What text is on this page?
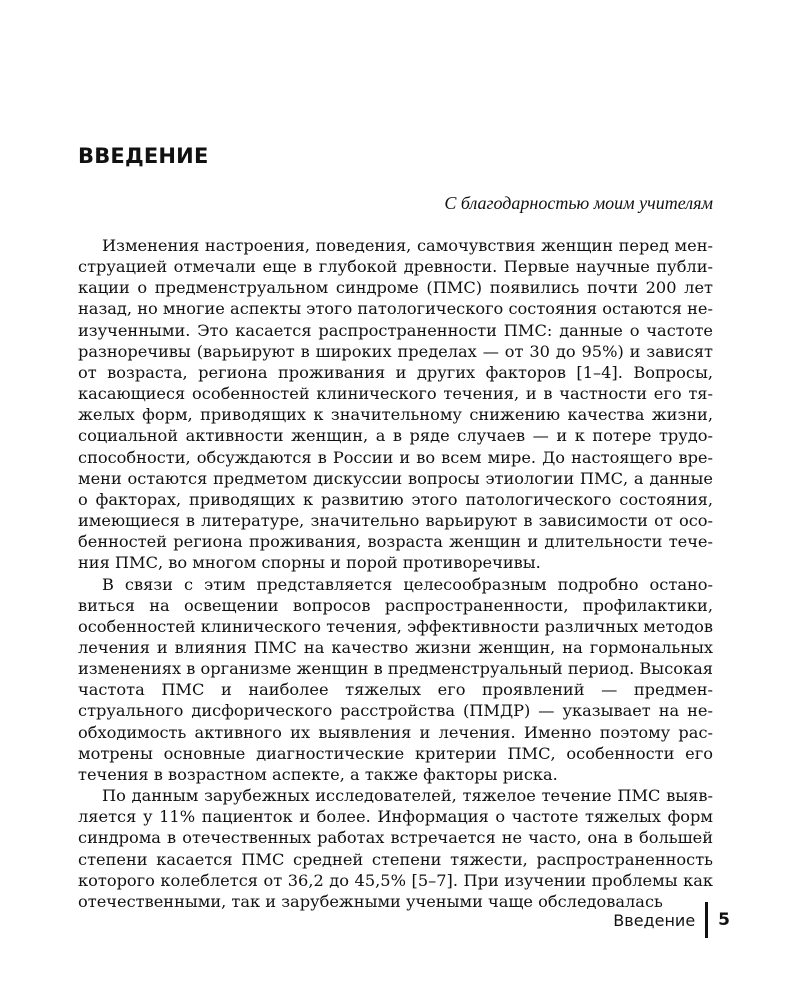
ВВЕДЕНИЕ
С благодарностью моим учителям

Изменения настроения, поведения, самочувствия женщин перед менструацией отмечали еще в глубокой древности. Первые научные публикации о предменструальном синдроме (ПМС) появились почти 200 лет назад, но многие аспекты этого патологического состояния остаются неизученными. Это касается распространенности ПМС: данные о частоте разноречивы (варьируют в широких пределах — от 30 до 95%) и зависят от возраста, региона проживания и других факторов [1–4]. Вопросы, касающиеся особенностей клинического течения, и в частности его тяжелых форм, приводящих к значительному снижению качества жизни, социальной активности женщин, а в ряде случаев — и к потере трудоспособности, обсуждаются в России и во всем мире. До настоящего времени остаются предметом дискуссии вопросы этиологии ПМС, а данные о факторах, приводящих к развитию этого патологического состояния, имеющиеся в литературе, значительно варьируют в зависимости от особенностей региона проживания, возраста женщин и длительности течения ПМС, во многом спорны и порой противоречивы.

В связи с этим представляется целесообразным подробно остановиться на освещении вопросов распространенности, профилактики, особенностей клинического течения, эффективности различных методов лечения и влияния ПМС на качество жизни женщин, на гормональных изменениях в организме женщин в предменструальный период. Высокая частота ПМС и наиболее тяжелых его проявлений — предменструального дисфорического расстройства (ПМДР) — указывает на необходимость активного их выявления и лечения. Именно поэтому расмотрены основные диагностические критерии ПМС, особенности его течения в возрастном аспекте, а также факторы риска.

По данным зарубежных исследователей, тяжелое течение ПМС выявляется у 11% пациенток и более. Информация о частоте тяжелых форм синдрома в отечественных работах встречается не часто, она в большей степени касается ПМС средней степени тяжести, распространенность которого колеблется от 36,2 до 45,5% [5–7]. При изучении проблемы как отечественными, так и зарубежными учеными чаще обследовалась

Введение	5
